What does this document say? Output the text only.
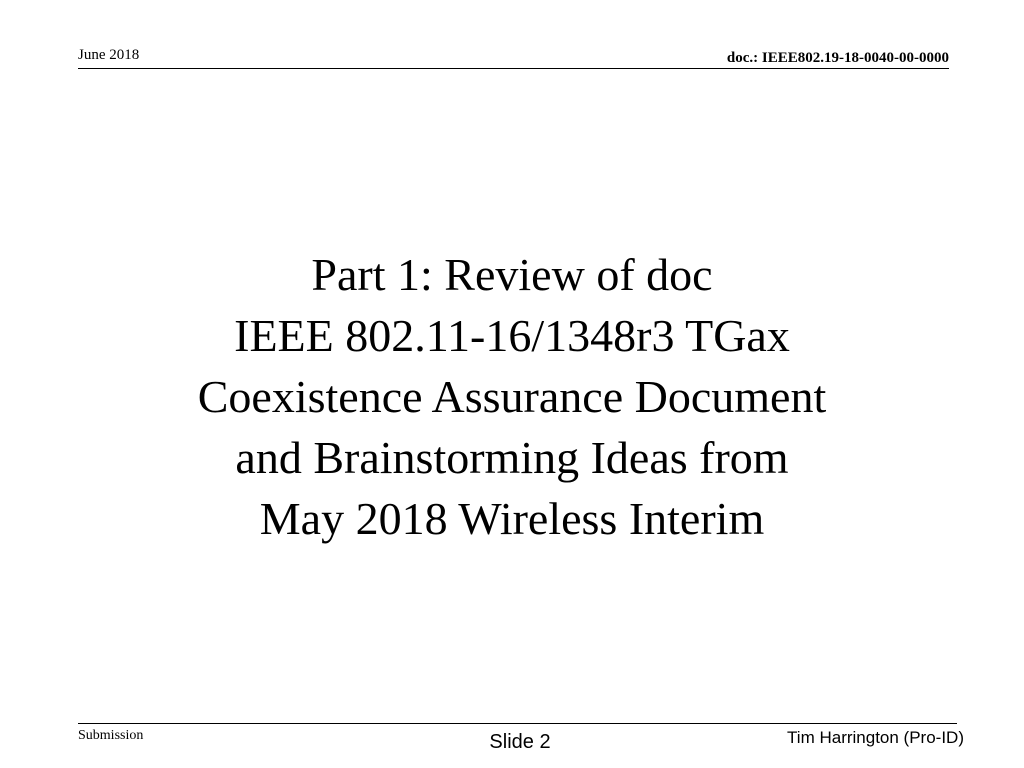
June 2018	doc.: IEEE802.19-18-0040-00-0000
Part 1: Review of doc
IEEE 802.11-16/1348r3 TGax
Coexistence Assurance Document
and Brainstorming Ideas from
May 2018 Wireless Interim
Submission	Slide 2	Tim Harrington (Pro-ID)
